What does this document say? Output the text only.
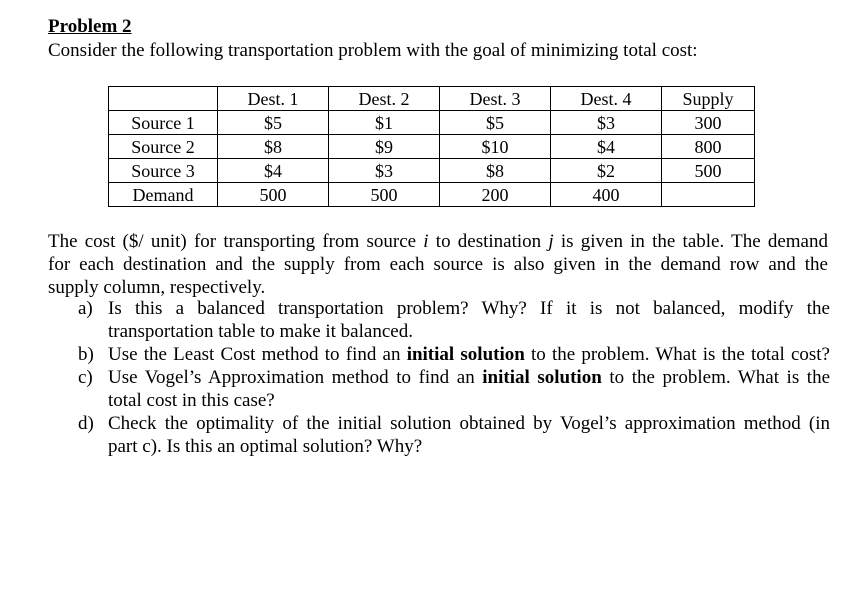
Problem 2
Consider the following transportation problem with the goal of minimizing total cost:
	Dest. 1	Dest. 2	Dest. 3	Dest. 4	Supply
Source 1	$5	$1	$5	$3	300
Source 2	$8	$9	$10	$4	800
Source 3	$4	$3	$8	$2	500
Demand	500	500	200	400	
The cost ($/ unit) for transporting from source i to destination j is given in the table. The demand
for each destination and the supply from each source is also given in the demand row and the
supply column, respectively.
a) Is this a balanced transportation problem? Why? If it is not balanced, modify the
transportation table to make it balanced.
b) Use the Least Cost method to find an initial solution to the problem. What is the total cost?
c) Use Vogel’s Approximation method to find an initial solution to the problem. What is the
total cost in this case?
d) Check the optimality of the initial solution obtained by Vogel’s approximation method (in
part c). Is this an optimal solution? Why?
